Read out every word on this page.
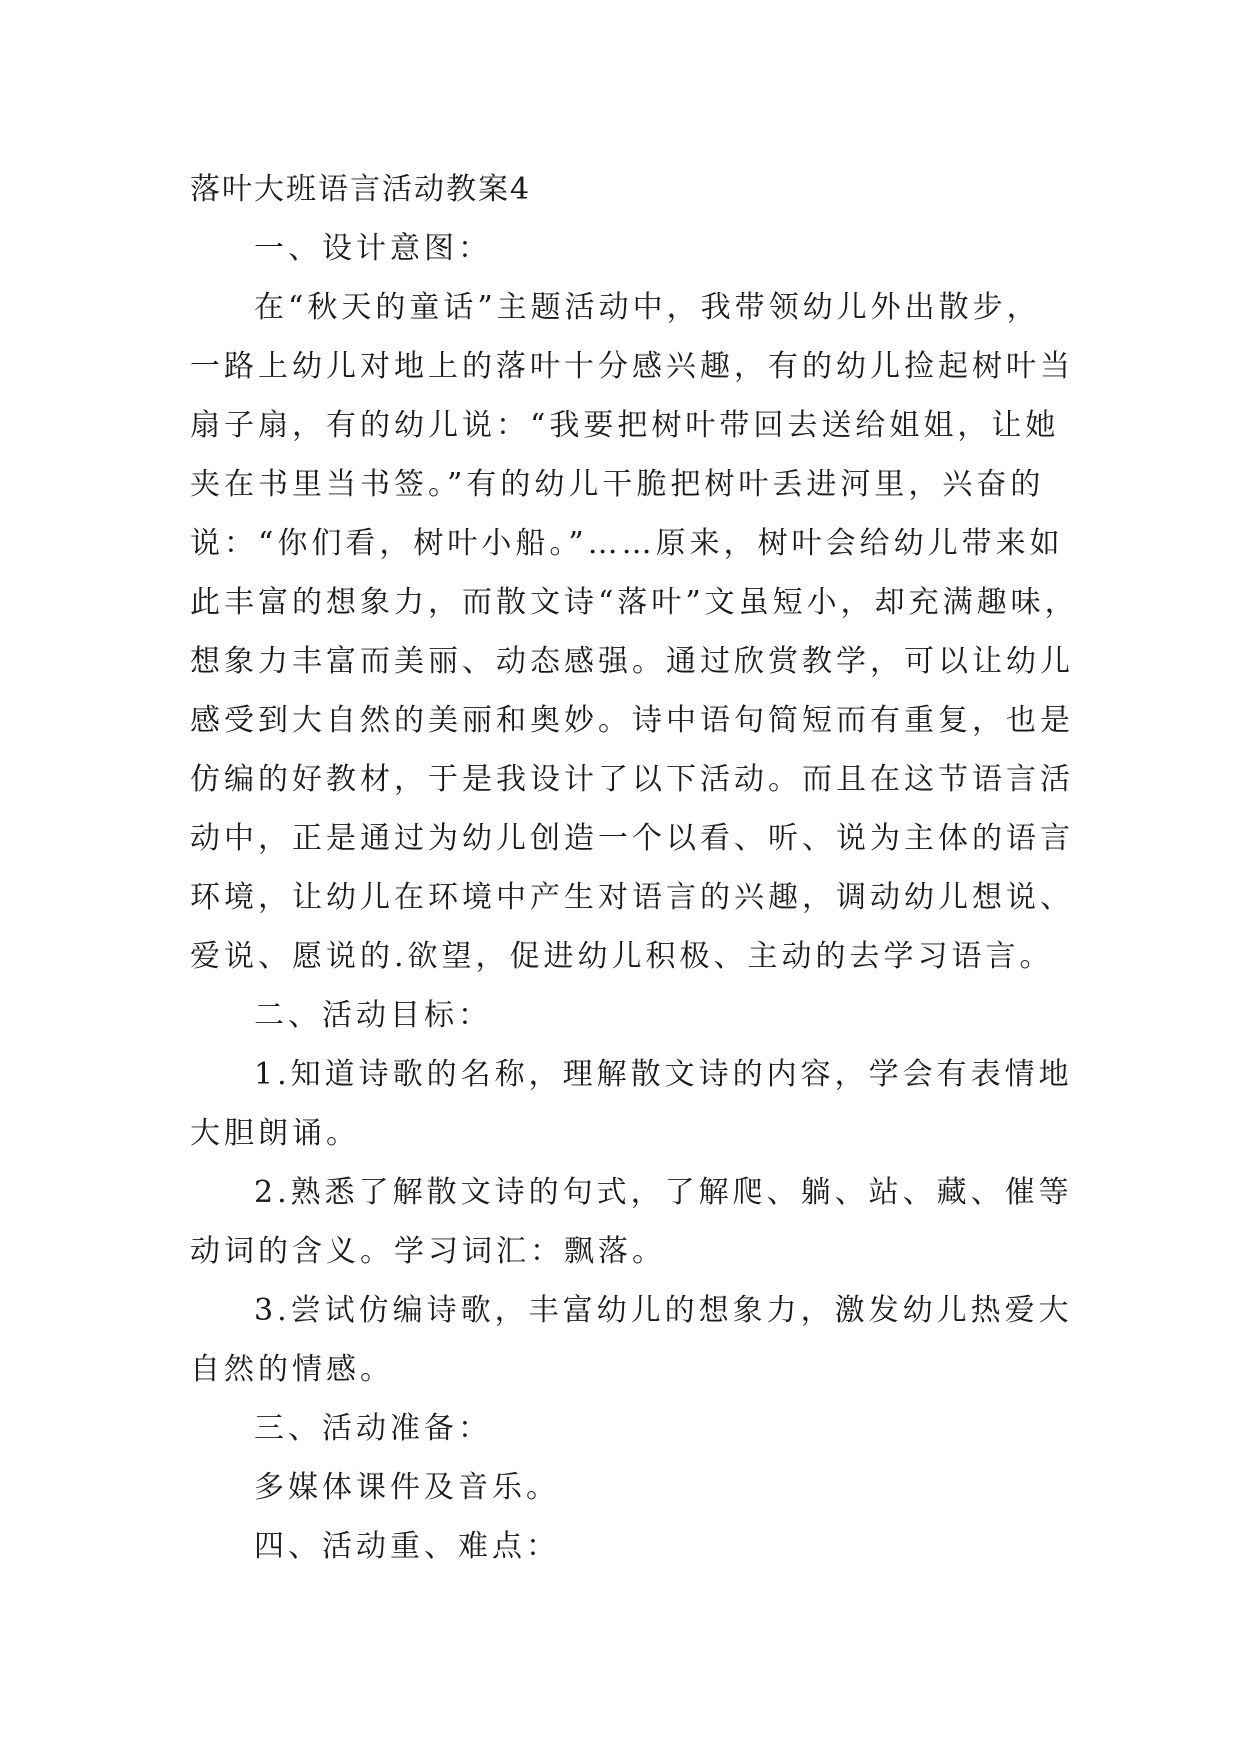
落叶大班语言活动教案4

一、设计意图：

在“秋天的童话”主题活动中，我带领幼儿外出散步，

一路上幼儿对地上的落叶十分感兴趣，有的幼儿捡起树叶当

扇子扇，有的幼儿说：“我要把树叶带回去送给姐姐，让她

夹在书里当书签。”有的幼儿干脆把树叶丢进河里，兴奋的

说：“你们看，树叶小船。”……原来，树叶会给幼儿带来如

此丰富的想象力，而散文诗“落叶”文虽短小，却充满趣味，

想象力丰富而美丽、动态感强。通过欣赏教学，可以让幼儿

感受到大自然的美丽和奥妙。诗中语句简短而有重复，也是

仿编的好教材，于是我设计了以下活动。而且在这节语言活

动中，正是通过为幼儿创造一个以看、听、说为主体的语言

环境，让幼儿在环境中产生对语言的兴趣，调动幼儿想说、

爱说、愿说的.欲望，促进幼儿积极、主动的去学习语言。

二、活动目标：

1.知道诗歌的名称，理解散文诗的内容，学会有表情地

大胆朗诵。

2.熟悉了解散文诗的句式，了解爬、躺、站、藏、催等

动词的含义。学习词汇：飘落。

3.尝试仿编诗歌，丰富幼儿的想象力，激发幼儿热爱大

自然的情感。

三、活动准备：

多媒体课件及音乐。

四、活动重、难点：
